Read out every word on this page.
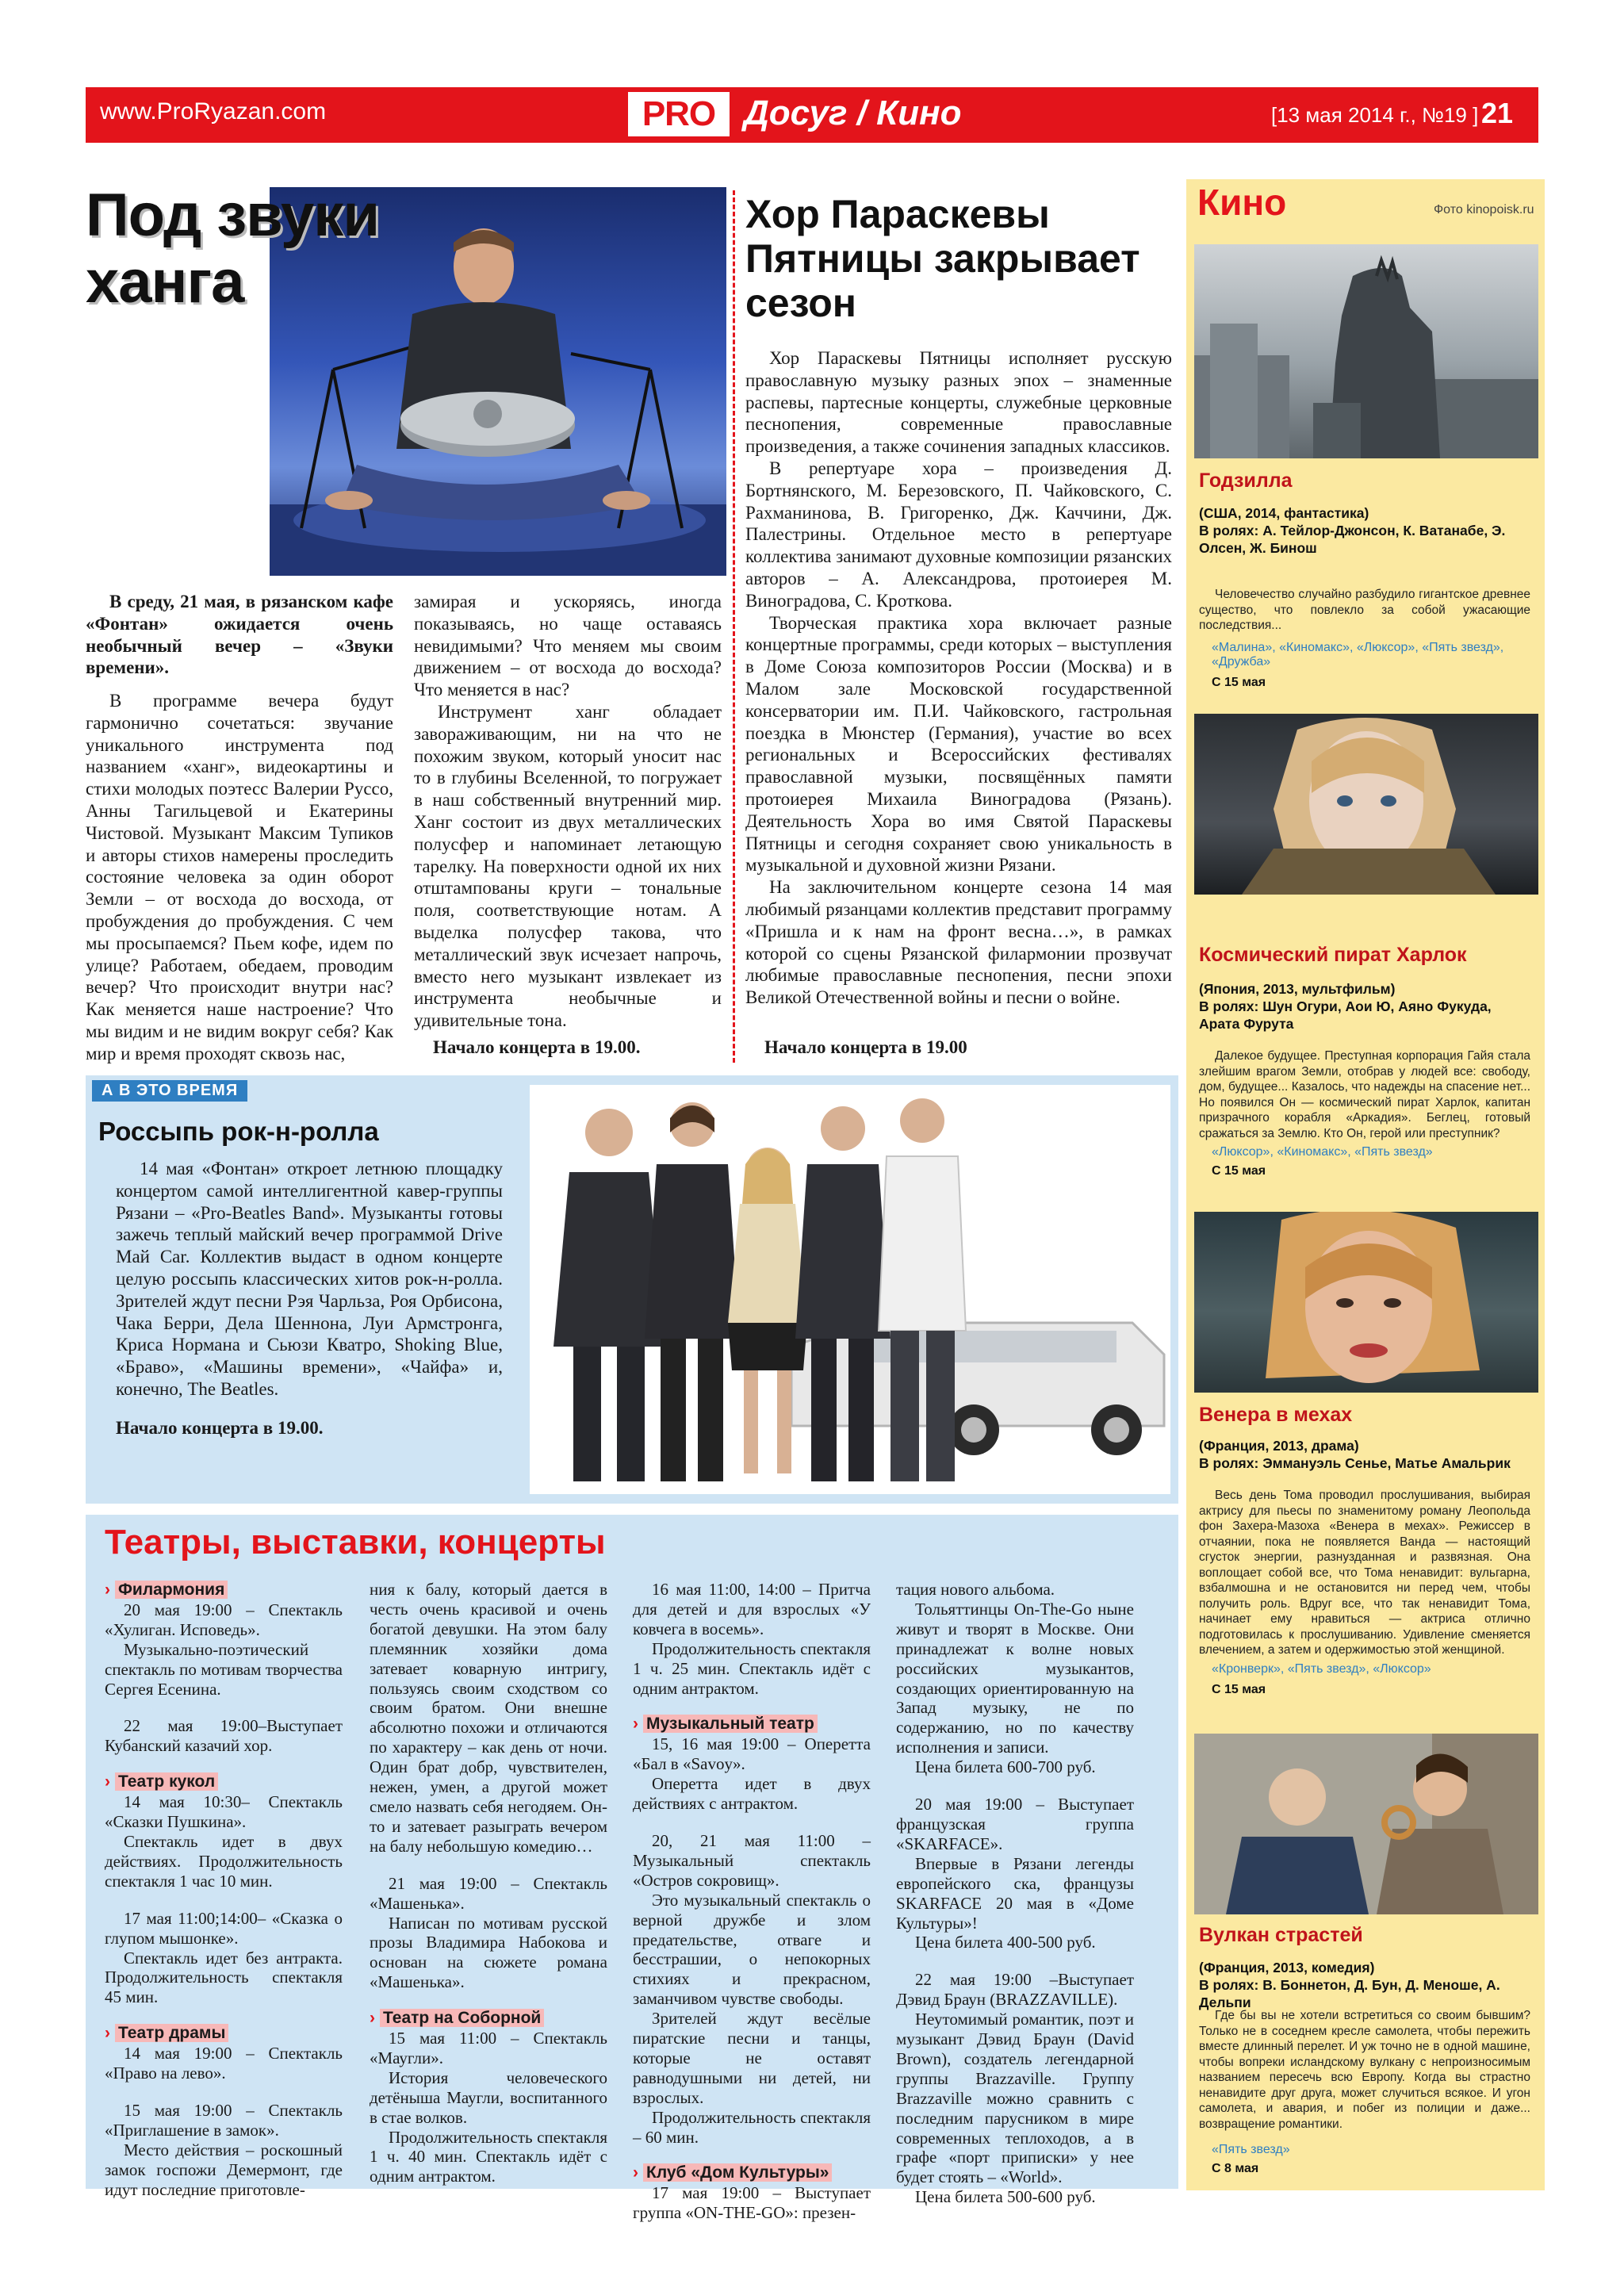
www.ProRyazan.com	PRO Досуг / Кино	[13 мая 2014 г., №19 ] 21
Под звуки ханга

В среду, 21 мая, в рязанском кафе «Фонтан» ожидается очень необычный вечер – «Звуки времени».

В программе вечера будут гармонично сочетаться: звучание уникального инструмента под названием «ханг», видеокартины и стихи молодых поэтесс Валерии Руссо, Анны Тагильцевой и Екатерины Чистовой. Музыкант Максим Тупиков и авторы стихов намерены проследить состояние человека за один оборот Земли – от восхода до восхода, от пробуждения до пробуждения. С чем мы просыпаемся? Пьем кофе, идем по улице? Работаем, обедаем, проводим вечер? Что происходит внутри нас? Как меняется наше настроение? Что мы видим и не видим вокруг себя? Как мир и время проходят сквозь нас,

замирая и ускоряясь, иногда показываясь, но чаще оставаясь невидимыми? Что меняем мы своим движением – от восхода до восхода? Что меняется в нас?

Инструмент ханг обладает завораживающим, ни на что не похожим звуком, который уносит нас то в глубины Вселенной, то погружает в наш собственный внутренний мир. Ханг состоит из двух металлических полусфер и напоминает летающую тарелку. На поверхности одной их них отштампованы круги – тональные поля, соответствующие нотам. А выделка полусфер такова, что металлический звук исчезает напрочь, вместо него музыкант извлекает из инструмента необычные и удивительные тона.

Начало концерта в 19.00.
Хор Параскевы Пятницы закрывает сезон

Хор Параскевы Пятницы исполняет русскую православную музыку разных эпох – знаменные распевы, партесные концерты, служебные церковные песнопения, современные православные произведения, а также сочинения западных классиков.

В репертуаре хора – произведения Д. Бортнянского, М. Березовского, П. Чайковского, С. Рахманинова, В. Григоренко, Дж. Каччини, Дж. Палестрины. Отдельное место в репертуаре коллектива занимают духовные композиции рязанских авторов – А. Александрова, протоиерея М. Виноградова, С. Кроткова.

Творческая практика хора включает разные концертные программы, среди которых – выступления в Доме Союза композиторов России (Москва) и в Малом зале Московской государственной консерватории им. П.И. Чайковского, гастрольная поездка в Мюнстер (Германия), участие во всех региональных и Всероссийских фестивалях православной музыки, посвящённых памяти протоиерея Михаила Виноградова (Рязань). Деятельность Хора во имя Святой Параскевы Пятницы и сегодня сохраняет свою уникальность в музыкальной и духовной жизни Рязани.

На заключительном концерте сезона 14 мая любимый рязанцами коллектив представит программу «Пришла и к нам на фронт весна…», в рамках которой со сцены Рязанской филармонии прозвучат любимые православные песнопения, песни эпохи Великой Отечественной войны и песни о войне.

Начало концерта в 19.00
А В ЭТО ВРЕМЯ
Россыпь рок-н-ролла

14 мая «Фонтан» откроет летнюю площадку концертом самой интеллигентной кавер-группы Рязани – «Pro-Beatles Band». Музыканты готовы зажечь теплый майский вечер программой Drive Май Car. Коллектив выдаст в одном концерте целую россыпь классических хитов рок-н-ролла. Зрителей ждут песни Рэя Чарльза, Роя Орбисона, Чака Берри, Дела Шеннона, Луи Армстронга, Криса Нормана и Сьюзи Кватро, Shoking Blue, «Браво», «Машины времени», «Чайфа» и, конечно, The Beatles.

Начало концерта в 19.00.
Театры, выставки, концерты
› Филармония

20 мая 19:00 – Спектакль «Хулиган. Исповедь».

Музыкально-поэтический спектакль по мотивам творчества Сергея Есенина.

22 мая 19:00–Выступает Кубанский казачий хор.

› Театр кукол

14 мая 10:30– Спектакль «Сказки Пушкина».

Спектакль идет в двух действиях. Продолжительность спектакля 1 час 10 мин.

17 мая 11:00;14:00– «Сказка о глупом мышонке».

Спектакль идет без антракта. Продолжительность спектакля 45 мин.

› Театр драмы

14 мая 19:00 – Спектакль «Право на лево».

15 мая 19:00 – Спектакль «Приглашение в замок».

Место действия – роскошный замок госпожи Демермонт, где идут последние приготовле-

ния к балу, который дается в честь очень красивой и очень богатой девушки. На этом балу племянник хозяйки дома затевает коварную интригу, пользуясь своим сходством со своим братом. Они внешне абсолютно похожи и отличаются по характеру – как день от ночи. Один брат добр, чувствителен, нежен, умен, а другой может смело назвать себя негодяем. Он-то и затевает разыграть вечером на балу небольшую комедию…

21 мая 19:00 – Спектакль «Машенька».

Написан по мотивам русской прозы Владимира Набокова и основан на сюжете романа «Машенька».

› Театр на Соборной

15 мая 11:00 – Спектакль «Маугли».

История человеческого детёныша Маугли, воспитанного в стае волков.

Продолжительность спектакля 1 ч. 40 мин. Спектакль идёт с одним антрактом.

16 мая 11:00, 14:00 – Притча для детей и для взрослых «У ковчега в восемь».

Продолжительность спектакля 1 ч. 25 мин. Спектакль идёт с одним антрактом.

› Музыкальный театр

15, 16 мая 19:00 – Оперетта «Бал в «Savoy».

Оперетта идет в двух действиях с антрактом.

20, 21 мая 11:00 – Музыкальный спектакль «Остров сокровищ».

Это музыкальный спектакль о верной дружбе и злом предательстве, отваге и бесстрашии, о непокорных стихиях и прекрасном, заманчивом чувстве свободы.

Зрителей ждут весёлые пиратские песни и танцы, которые не оставят равнодушными ни детей, ни взрослых.

Продолжительность спектакля – 60 мин.

› Клуб «Дом Культуры»

17 мая 19:00 – Выступает группа «ON-THE-GO»: презен-

тация нового альбома.

Тольяттинцы On-The-Go ныне живут и творят в Москве. Они принадлежат к волне новых российских музыкантов, создающих ориентированную на Запад музыку, не по содержанию, но по качеству исполнения и записи.

Цена билета 600-700 руб.

20 мая 19:00 – Выступает французская группа «SKARFACE».

Впервые в Рязани легенды европейского ска, французы SKARFACE 20 мая в «Доме Культуры»!

Цена билета 400-500 руб.

22 мая 19:00 –Выступает Дэвид Браун (BRAZZAVILLE).

Неутомимый романтик, поэт и музыкант Дэвид Браун (David Brown), создатель легендарной группы Brazzaville. Группу Brazzaville можно сравнить с последним парусником в мире современных теплоходов, а в графе «порт приписки» у нее будет стоять – «World».

Цена билета 500-600 руб.

Кино	Фото kinopoisk.ru
Годзилла
(США, 2014, фантастика)
В ролях: А. Тейлор-Джонсон, К. Ватанабе, Э. Олсен, Ж. Бинош
Человечество случайно разбудило гигантское древнее существо, что повлекло за собой ужасающие последствия...
«Малина», «Киномакс», «Люксор», «Пять звезд», «Дружба»
С 15 мая
Космический пират Харлок
(Япония, 2013, мультфильм)
В ролях: Шун Огури, Аои Ю, Аяно Фукуда, Арата Фурута
Далекое будущее. Преступная корпорация Гайя стала злейшим врагом Земли, отобрав у людей все: свободу, дом, будущее... Казалось, что надежды на спасение нет... Но появился Он — космический пират Харлок, капитан призрачного корабля «Аркадия». Беглец, готовый сражаться за Землю. Кто Он, герой или преступник?
«Люксор», «Киномакс», «Пять звезд»
С 15 мая
Венера в мехах
(Франция, 2013, драма)
В ролях: Эммануэль Сенье, Матье Амальрик
Весь день Тома проводил прослушивания, выбирая актрису для пьесы по знаменитому роману Леопольда фон Захера-Мазоха «Венера в мехах». Режиссер в отчаянии, пока не появляется Ванда — настоящий сгусток энергии, разнузданная и развязная. Она воплощает собой все, что Тома ненавидит: вульгарна, взбалмошна и не остановится ни перед чем, чтобы получить роль. Вдруг все, что так ненавидит Тома, начинает ему нравиться — актриса отлично подготовилась к прослушиванию. Удивление сменяется влечением, а затем и одержимостью этой женщиной.
«Кронверк», «Пять звезд», «Люксор»
С 15 мая
Вулкан страстей
(Франция, 2013, комедия)
В ролях: В. Боннетон, Д. Бун, Д. Меноше, А. Дельпи
Где бы вы не хотели встретиться со своим бывшим? Только не в соседнем кресле самолета, чтобы пережить вместе длинный перелет. И уж точно не в одной машине, чтобы вопреки исландскому вулкану с непроизносимым названием пересечь всю Европу. Когда вы страстно ненавидите друг друга, может случиться всякое. И угон самолета, и авария, и побег из полиции и даже... возвращение романтики.
«Пять звезд»
С 8 мая
